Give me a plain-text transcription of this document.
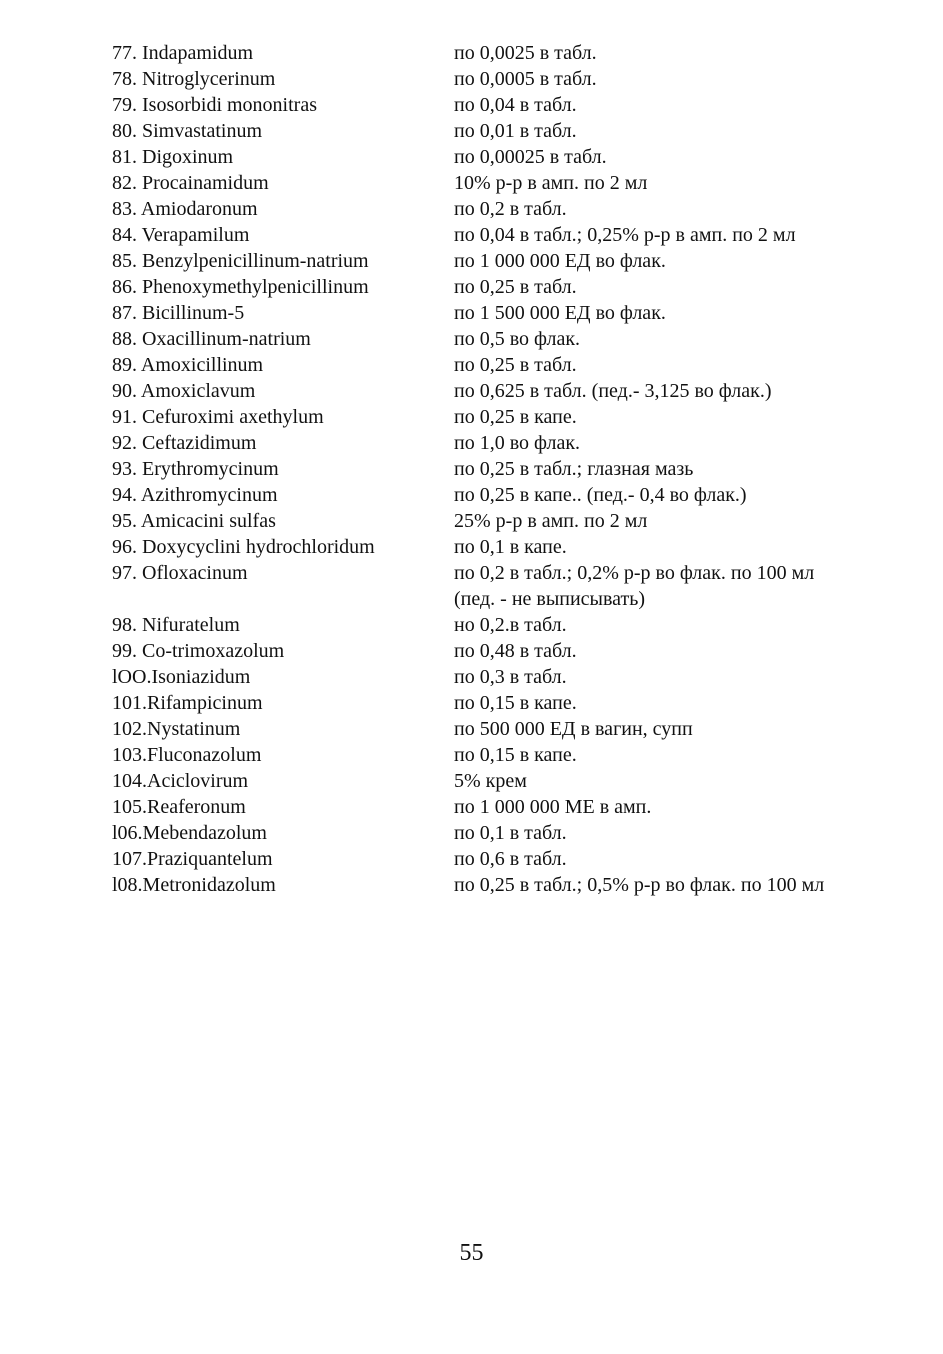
77. Indapamidum	по 0,0025 в табл.
78. Nitroglycerinum	по 0,0005 в табл.
79. Isosorbidi mononitras	по 0,04 в табл.
80. Simvastatinum	по 0,01 в табл.
81. Digoxinum	по 0,00025 в табл.
82. Procainamidum	10% р-р в амп. по 2 мл
83. Amiodaronum	по 0,2 в табл.
84. Verapamilum	по 0,04 в табл.; 0,25% р-р в амп. по 2 мл
85. Benzylpenicillinum-natrium	по 1 000 000 ЕД во флак.
86. Phenoxymethylpenicillinum	по 0,25 в табл.
87. Bicillinum-5	по 1 500 000 ЕД во флак.
88. Oxacillinum-natrium	по 0,5 во флак.
89. Amoxicillinum	по 0,25 в табл.
90. Amoxiclavum	по 0,625 в табл. (пед.- 3,125 во флак.)
91. Cefuroximi axethylum	по 0,25 в капе.
92. Ceftazidimum	по 1,0 во флак.
93. Erythromycinum	по 0,25 в табл.; глазная мазь
94. Azithromycinum	по 0,25 в капе.. (пед.- 0,4 во флак.)
95. Amicacini sulfas	25% р-р в амп. по 2 мл
96. Doxycyclini hydrochloridum	по 0,1 в капе.
97. Ofloxacinum	по 0,2 в табл.; 0,2% р-р во флак. по 100 мл (пед. - не выписывать)
98. Nifuratelum	но 0,2.в табл.
99. Co-trimoxazolum	по 0,48 в табл.
lOO.Isoniazidum	по 0,3 в табл.
101.Rifampicinum	по 0,15 в капе.
102.Nystatinum	по 500 000 ЕД в вагин, супп
103.Fluconazolum	по 0,15 в капе.
104.Aciclovirum	5% крем
105.Reaferonum	по 1 000 000 МЕ в амп.
l06.Mebendazolum	по 0,1 в табл.
107.Praziquantelum	по 0,6 в табл.
l08.Metronidazolum	по 0,25 в табл.; 0,5% р-р во флак. по 100 мл
55
